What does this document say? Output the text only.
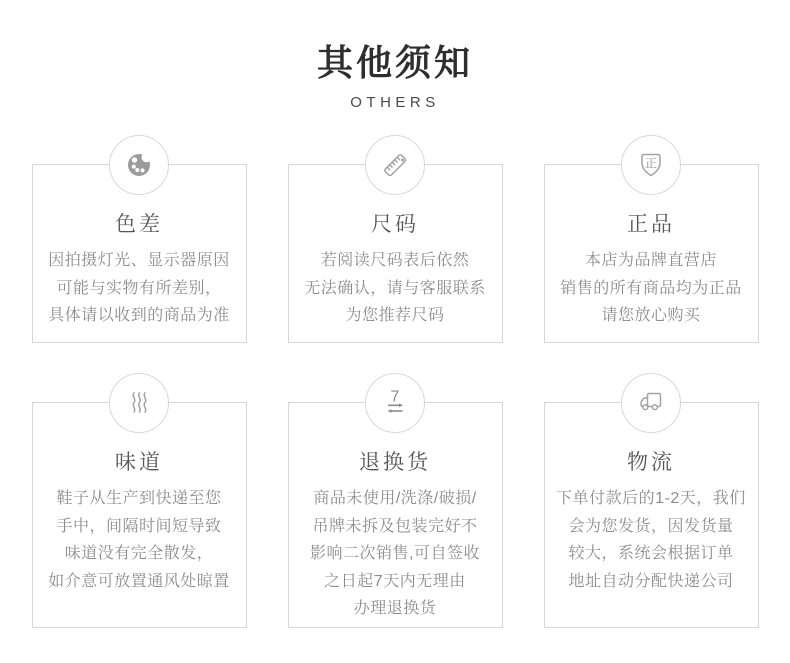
其他须知
OTHERS
色差

因拍摄灯光、显示器原因

可能与实物有所差别，

具体请以收到的商品为准

尺码

若阅读尺码表后依然

无法确认，请与客服联系

为您推荐尺码

正
正品

本店为品牌直营店

销售的所有商品均为正品

请您放心购买

味道

鞋子从生产到快递至您

手中，间隔时间短导致

味道没有完全散发，

如介意可放置通风处晾置

7
退换货

商品未使用/洗涤/破损/

吊牌未拆及包装完好不

影响二次销售,可自签收

之日起7天内无理由

办理退换货

物流

下单付款后的1-2天，我们

会为您发货，因发货量

较大，系统会根据订单

地址自动分配快递公司
